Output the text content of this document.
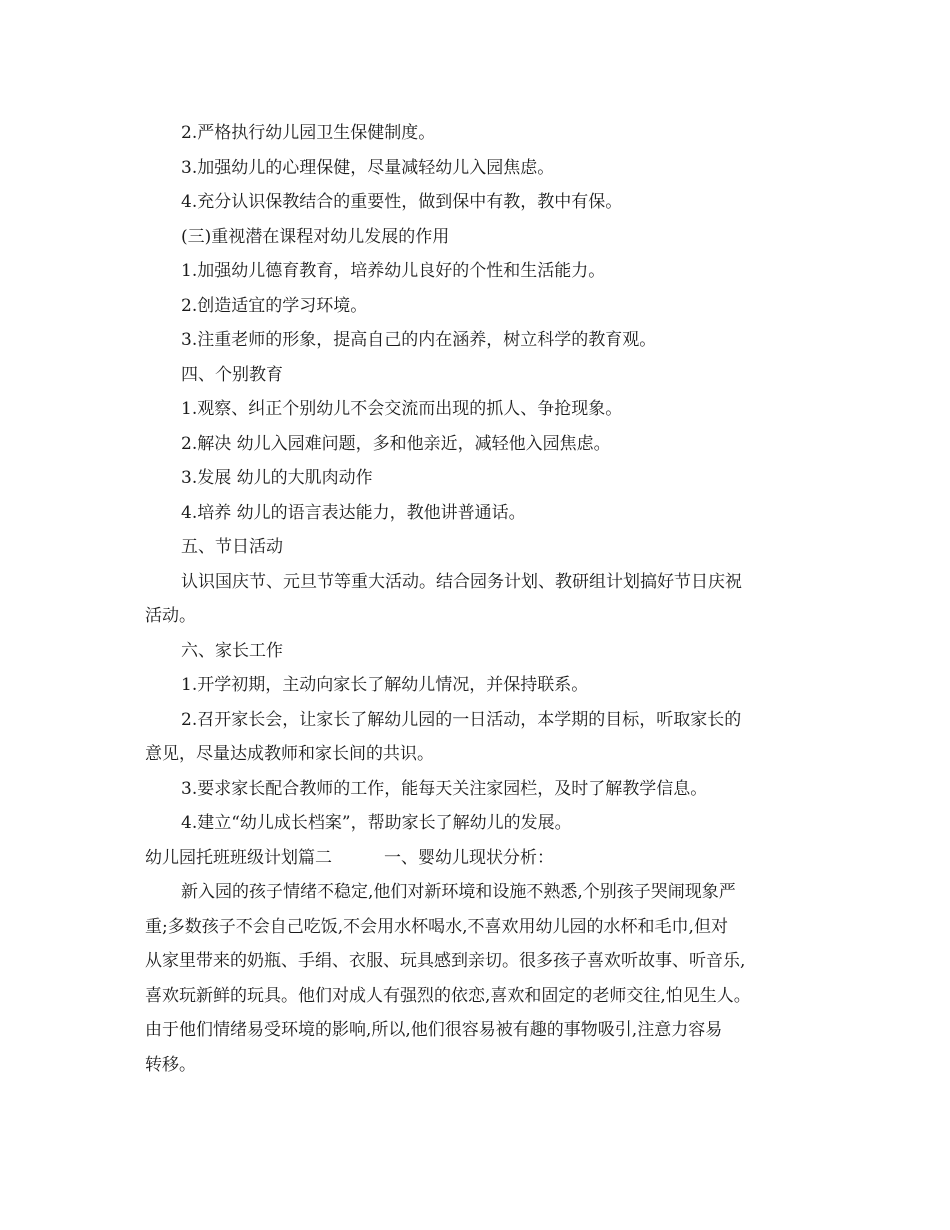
2.严格执行幼儿园卫生保健制度。
3.加强幼儿的心理保健，尽量减轻幼儿入园焦虑。
4.充分认识保教结合的重要性，做到保中有教，教中有保。
(三)重视潜在课程对幼儿发展的作用
1.加强幼儿德育教育，培养幼儿良好的个性和生活能力。
2.创造适宜的学习环境。
3.注重老师的形象，提高自己的内在涵养，树立科学的教育观。
四、个别教育
1.观察、纠正个别幼儿不会交流而出现的抓人、争抢现象。
2.解决 幼儿入园难问题，多和他亲近，减轻他入园焦虑。
3.发展 幼儿的大肌肉动作
4.培养 幼儿的语言表达能力，教他讲普通话。
五、节日活动
认识国庆节、元旦节等重大活动。结合园务计划、教研组计划搞好节日庆祝
活动。
六、家长工作
1.开学初期，主动向家长了解幼儿情况，并保持联系。
2.召开家长会，让家长了解幼儿园的一日活动，本学期的目标，听取家长的
意见，尽量达成教师和家长间的共识。
3.要求家长配合教师的工作，能每天关注家园栏，及时了解教学信息。
4.建立“幼儿成长档案”，帮助家长了解幼儿的发展。
幼儿园托班班级计划篇二	一、婴幼儿现状分析：
新入园的孩子情绪不稳定,他们对新环境和设施不熟悉,个别孩子哭闹现象严
重;多数孩子不会自己吃饭,不会用水杯喝水,不喜欢用幼儿园的水杯和毛巾,但对
从家里带来的奶瓶、手绢、衣服、玩具感到亲切。很多孩子喜欢听故事、听音乐,
喜欢玩新鲜的玩具。他们对成人有强烈的依恋,喜欢和固定的老师交往,怕见生人。
由于他们情绪易受环境的影响,所以,他们很容易被有趣的事物吸引,注意力容易
转移。
